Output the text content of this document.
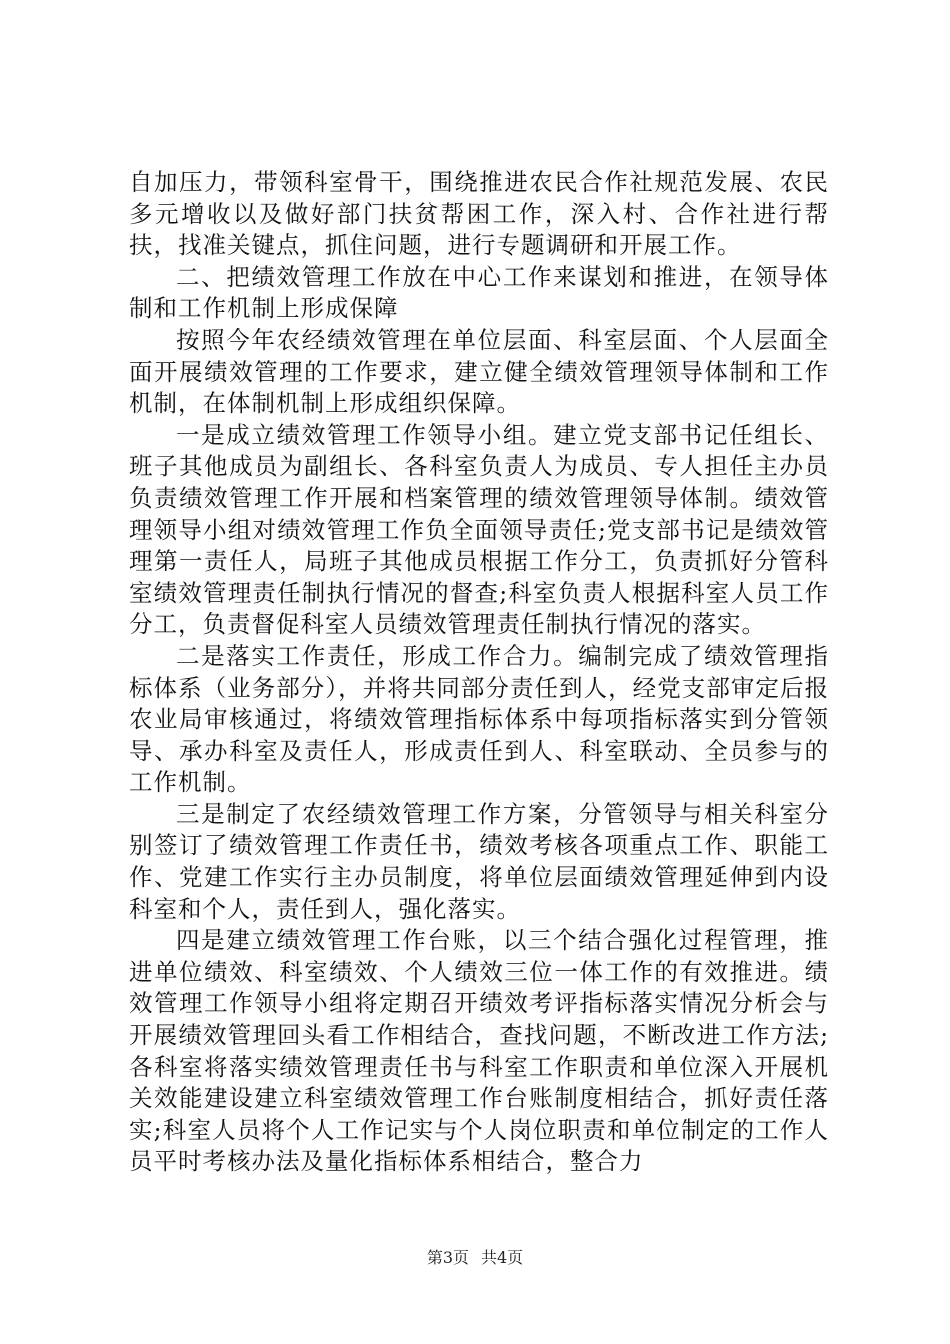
自加压力，带领科室骨干，围绕推进农民合作社规范发展、农民多元增收以及做好部门扶贫帮困工作，深入村、合作社进行帮扶，找准关键点，抓住问题，进行专题调研和开展工作。

二、把绩效管理工作放在中心工作来谋划和推进，在领导体制和工作机制上形成保障

按照今年农经绩效管理在单位层面、科室层面、个人层面全面开展绩效管理的工作要求，建立健全绩效管理领导体制和工作机制，在体制机制上形成组织保障。

一是成立绩效管理工作领导小组。建立党支部书记任组长、班子其他成员为副组长、各科室负责人为成员、专人担任主办员负责绩效管理工作开展和档案管理的绩效管理领导体制。绩效管理领导小组对绩效管理工作负全面领导责任;党支部书记是绩效管理第一责任人，局班子其他成员根据工作分工，负责抓好分管科室绩效管理责任制执行情况的督查;科室负责人根据科室人员工作分工，负责督促科室人员绩效管理责任制执行情况的落实。

二是落实工作责任，形成工作合力。编制完成了绩效管理指标体系（业务部分），并将共同部分责任到人，经党支部审定后报农业局审核通过，将绩效管理指标体系中每项指标落实到分管领导、承办科室及责任人，形成责任到人、科室联动、全员参与的工作机制。

三是制定了农经绩效管理工作方案，分管领导与相关科室分别签订了绩效管理工作责任书，绩效考核各项重点工作、职能工作、党建工作实行主办员制度，将单位层面绩效管理延伸到内设科室和个人，责任到人，强化落实。

四是建立绩效管理工作台账，以三个结合强化过程管理，推进单位绩效、科室绩效、个人绩效三位一体工作的有效推进。绩效管理工作领导小组将定期召开绩效考评指标落实情况分析会与开展绩效管理回头看工作相结合，查找问题，不断改进工作方法;各科室将落实绩效管理责任书与科室工作职责和单位深入开展机关效能建设建立科室绩效管理工作台账制度相结合，抓好责任落实;科室人员将个人工作记实与个人岗位职责和单位制定的工作人员平时考核办法及量化指标体系相结合，整合力

第3页 共4页
